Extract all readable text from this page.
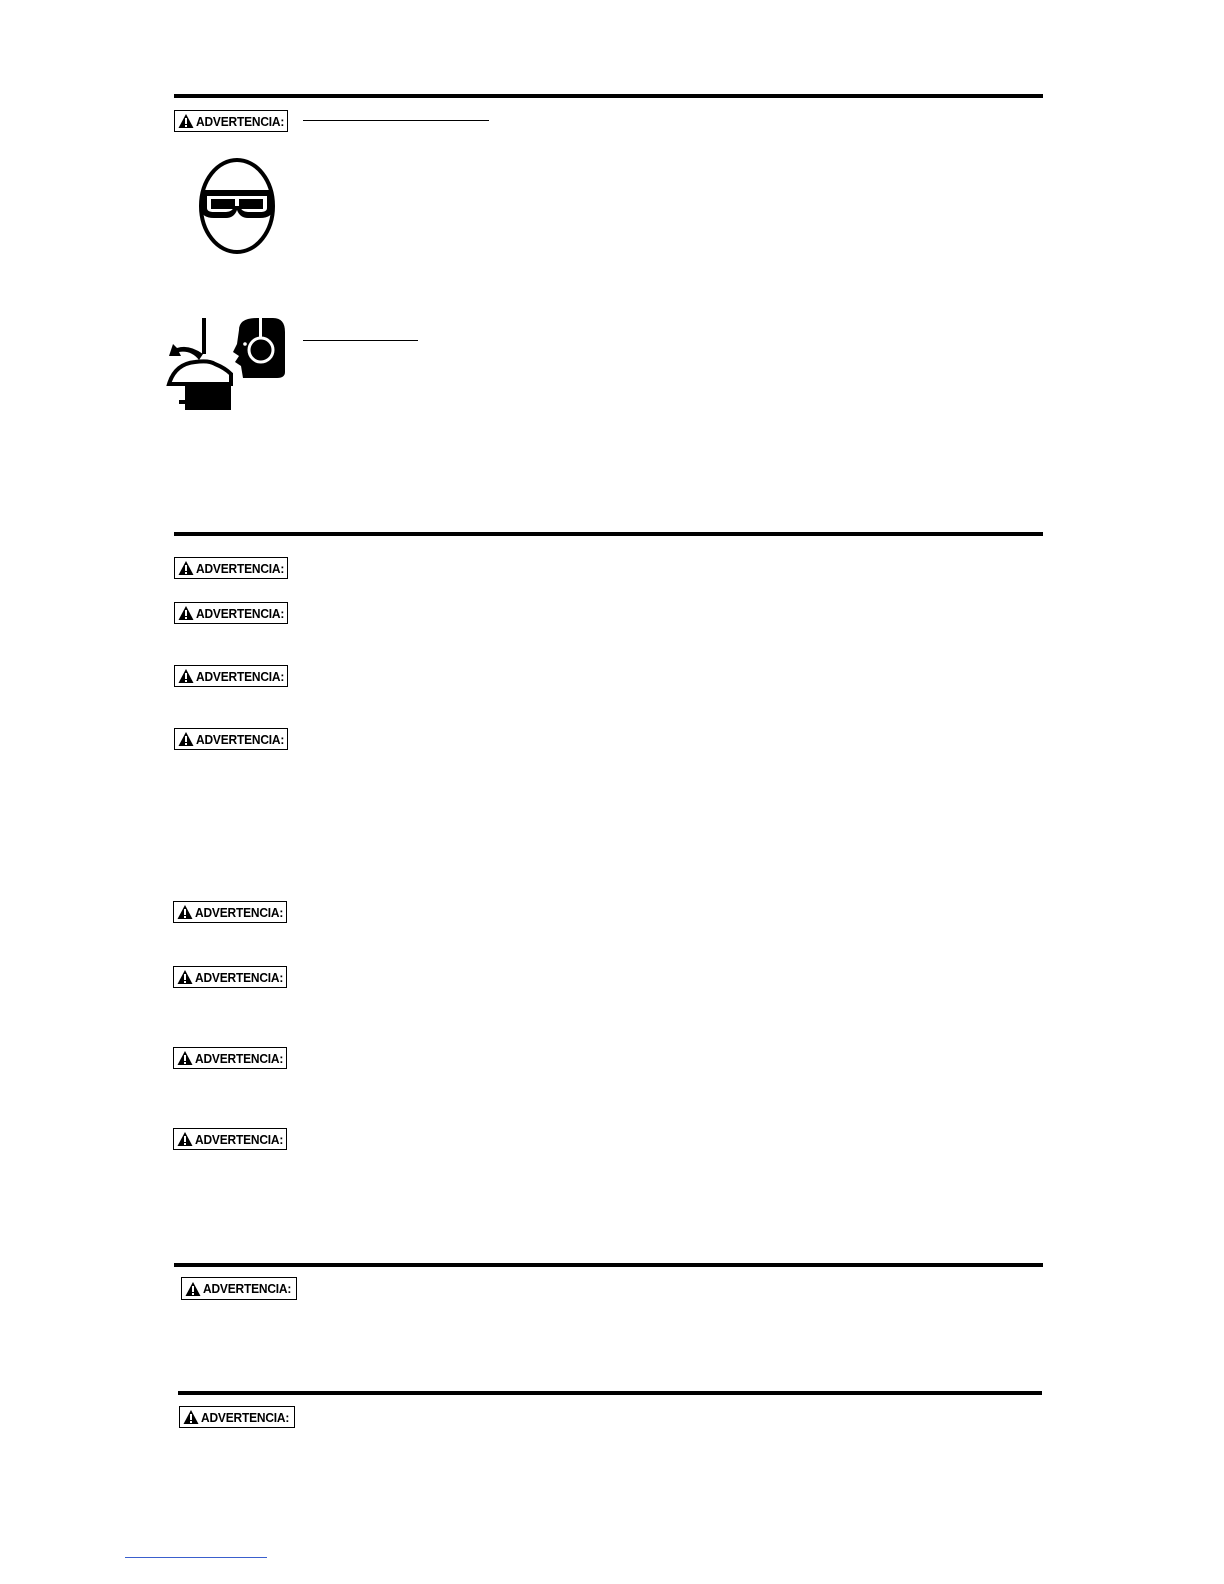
ADVERTENCIA:
ADVERTENCIA:
ADVERTENCIA:
ADVERTENCIA:
ADVERTENCIA:
ADVERTENCIA:
ADVERTENCIA:
ADVERTENCIA:
ADVERTENCIA:
ADVERTENCIA:
ADVERTENCIA:
